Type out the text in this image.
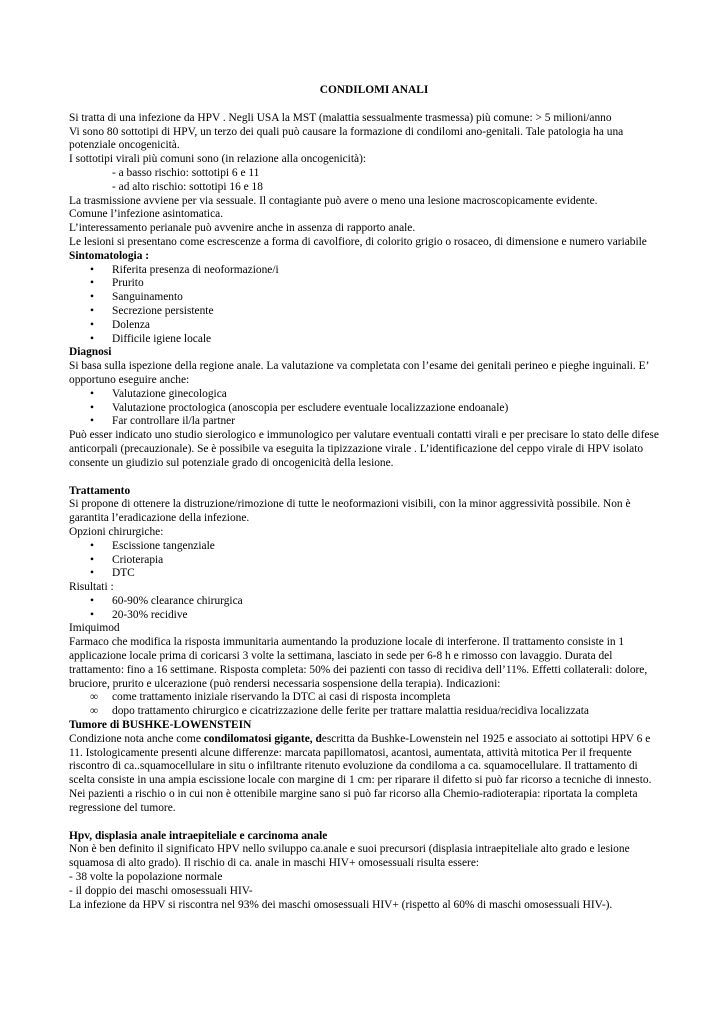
CONDILOMI ANALI

Si tratta di una infezione da HPV . Negli USA la MST (malattia sessualmente trasmessa) più comune: > 5 milioni/anno

Vi sono 80 sottotipi di HPV, un terzo dei quali può causare la formazione di condilomi ano-genitali. Tale patologia ha una potenziale oncogenicità.

I sottotipi virali più comuni sono (in relazione alla oncogenicità):

- a basso rischio: sottotipi 6 e 11

- ad alto rischio: sottotipi 16 e 18

La trasmissione avviene per via sessuale. Il contagiante può avere o meno una lesione macroscopicamente evidente.

Comune l’infezione asintomatica.

L’interessamento perianale può avvenire anche in assenza di rapporto anale.

Le lesioni si presentano come escrescenze a forma di cavolfiore, di colorito grigio o rosaceo, di dimensione e numero variabile

Sintomatologia :

•	Riferita presenza di neoformazione/i
•	Prurito
•	Sanguinamento
•	Secrezione persistente
•	Dolenza
•	Difficile igiene locale

Diagnosi

Si basa sulla ispezione della regione anale. La valutazione va completata con l’esame dei genitali perineo e pieghe inguinali. E’ opportuno eseguire anche:

•	Valutazione ginecologica
•	Valutazione proctologica (anoscopia per escludere eventuale localizzazione endoanale)
•	Far controllare il/la partner

Può esser indicato uno studio sierologico e immunologico per valutare eventuali contatti virali e per precisare lo stato delle difese anticorpali (precauzionale). Se è possibile va eseguita la tipizzazione virale . L’identificazione del ceppo virale di HPV isolato consente un giudizio sul potenziale grado di oncogenicità della lesione.

Trattamento

Si propone di ottenere la distruzione/rimozione di tutte le neoformazioni visibili, con la minor aggressività possibile. Non è garantita l’eradicazione della infezione.

Opzioni chirurgiche:

•	Escissione tangenziale
•	Crioterapia
•	DTC

Risultati :

•	60-90% clearance chirurgica
•	20-30% recidive

Imiquimod

Farmaco che modifica la risposta immunitaria aumentando la produzione locale di interferone. Il trattamento consiste in 1 applicazione locale prima di coricarsi 3 volte la settimana, lasciato in sede per 6-8 h e rimosso con lavaggio. Durata del trattamento: fino a 16 settimane. Risposta completa: 50% dei pazienti con tasso di recidiva dell’11%. Effetti collaterali: dolore, bruciore, prurito e ulcerazione (può rendersi necessaria sospensione della terapia). Indicazioni:

∞	come trattamento iniziale riservando la DTC ai casi di risposta incompleta
∞	dopo trattamento chirurgico e cicatrizzazione delle ferite per trattare malattia residua/recidiva localizzata

Tumore di BUSHKE-LOWENSTEIN

Condizione nota anche come condilomatosi gigante, descritta da Bushke-Lowenstein nel 1925 e associato ai sottotipi HPV 6 e 11. Istologicamente presenti alcune differenze: marcata papillomatosi, acantosi, aumentata, attività mitotica Per il frequente riscontro di ca..squamocellulare in situ o infiltrante ritenuto evoluzione da condiloma a ca. squamocellulare. Il trattamento di scelta consiste in una ampia escissione locale con margine di 1 cm: per riparare il difetto si può far ricorso a tecniche di innesto. Nei pazienti a rischio o in cui non è ottenibile margine sano si può far ricorso alla Chemio-radioterapia: riportata la completa regressione del tumore.

Hpv, displasia anale intraepiteliale e carcinoma anale

Non è ben definito il significato HPV nello sviluppo ca.anale e suoi precursori (displasia intraepiteliale alto grado e lesione squamosa di alto grado). Il rischio di ca. anale in maschi HIV+ omosessuali risulta essere:

- 38 volte la popolazione normale

- il doppio dei maschi omosessuali HIV-

La infezione da HPV si riscontra nel 93% dei maschi omosessuali HIV+ (rispetto al 60% di maschi omosessuali HIV-).
